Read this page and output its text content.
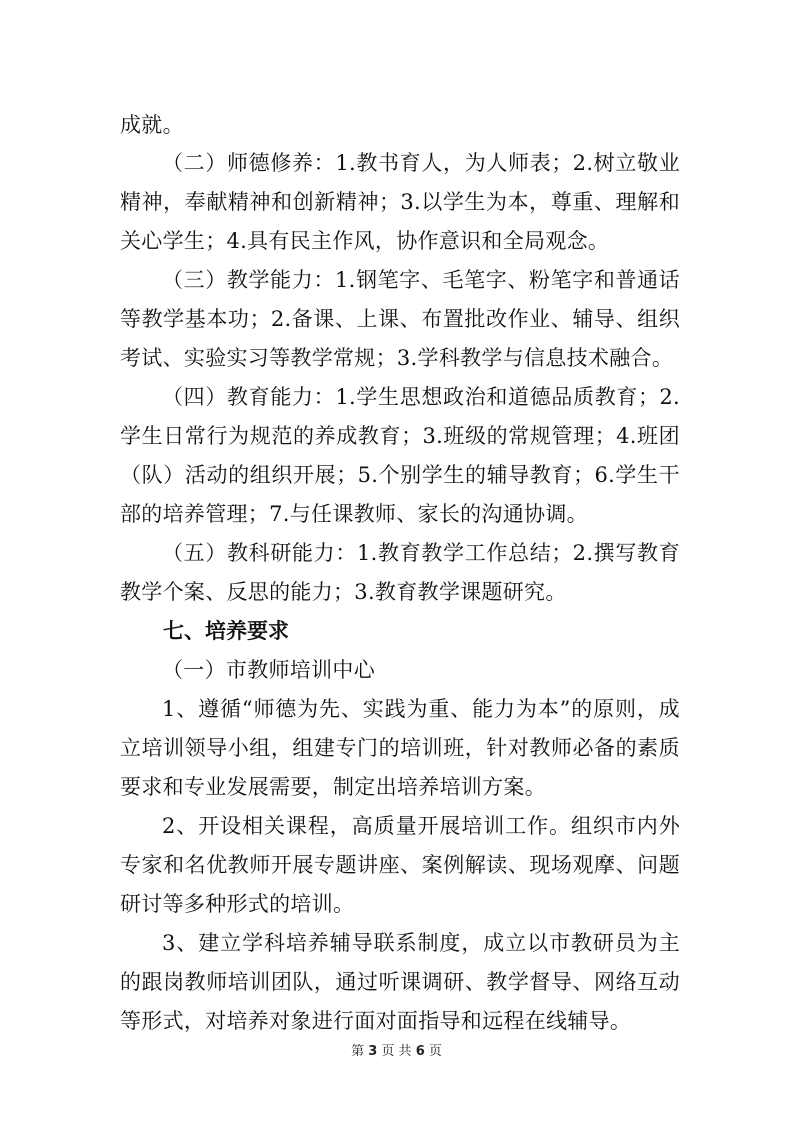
成就。

（二）师德修养：1.教书育人，为人师表；2.树立敬业精神，奉献精神和创新精神；3.以学生为本，尊重、理解和关心学生；4.具有民主作风，协作意识和全局观念。

（三）教学能力：1.钢笔字、毛笔字、粉笔字和普通话等教学基本功；2.备课、上课、布置批改作业、辅导、组织考试、实验实习等教学常规；3.学科教学与信息技术融合。

（四）教育能力：1.学生思想政治和道德品质教育；2.学生日常行为规范的养成教育；3.班级的常规管理；4.班团（队）活动的组织开展；5.个别学生的辅导教育；6.学生干部的培养管理；7.与任课教师、家长的沟通协调。

（五）教科研能力：1.教育教学工作总结；2.撰写教育教学个案、反思的能力；3.教育教学课题研究。

七、培养要求

（一）市教师培训中心

1、遵循“师德为先、实践为重、能力为本”的原则，成立培训领导小组，组建专门的培训班，针对教师必备的素质要求和专业发展需要，制定出培养培训方案。

2、开设相关课程，高质量开展培训工作。组织市内外专家和名优教师开展专题讲座、案例解读、现场观摩、问题研讨等多种形式的培训。

3、建立学科培养辅导联系制度，成立以市教研员为主的跟岗教师培训团队，通过听课调研、教学督导、网络互动等形式，对培养对象进行面对面指导和远程在线辅导。

第 3 页 共 6 页
